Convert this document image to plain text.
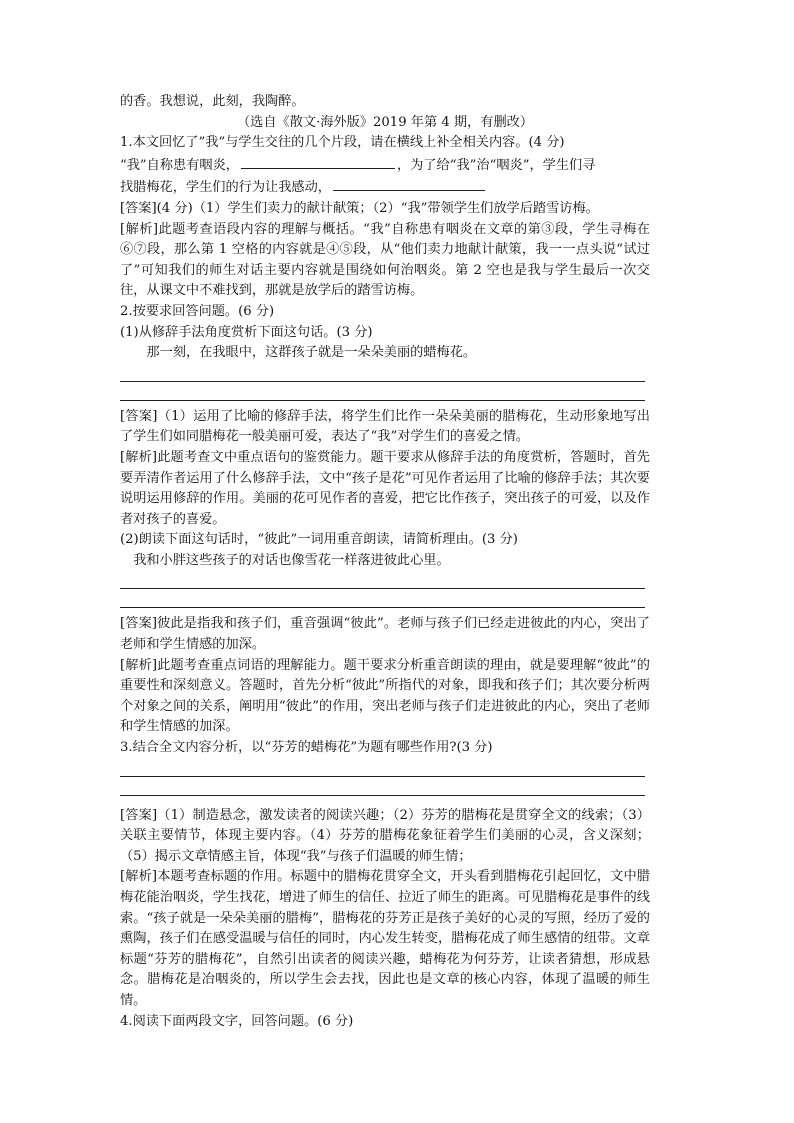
的香。我想说，此刻，我陶醉。

（选自《散文·海外版》2019 年第 4 期，有删改）

1.本文回忆了”我”与学生交往的几个片段，请在横线上补全相关内容。(4 分)

“我”自称患有咽炎，	，为了给“我”治“咽炎”，学生们寻

找腊梅花，学生们的行为让我感动，

[答案](4 分)（1）学生们卖力的献计献策；（2）“我”带领学生们放学后踏雪访梅。

[解析]此题考查语段内容的理解与概括。“我”自称患有咽炎在文章的第③段，学生寻梅在⑥⑦段，那么第 1 空格的内容就是④⑤段，从“他们卖力地献计献策，我一一点头说“试过了”可知我们的师生对话主要内容就是围绕如何治咽炎。第 2 空也是我与学生最后一次交往，从课文中不难找到，那就是放学后的踏雪访梅。

2.按要求回答问题。(6 分)

(1)从修辞手法角度赏析下面这句话。(3 分)

那一刻，在我眼中，这群孩子就是一朵朵美丽的蜡梅花。

[答案]（1）运用了比喻的修辞手法，将学生们比作一朵朵美丽的腊梅花，生动形象地写出了学生们如同腊梅花一般美丽可爱，表达了“我”对学生们的喜爱之情。

[解析]此题考查文中重点语句的鉴赏能力。题干要求从修辞手法的角度赏析，答题时，首先要弄清作者运用了什么修辞手法，文中“孩子是花”可见作者运用了比喻的修辞手法；其次要说明运用修辞的作用。美丽的花可见作者的喜爱，把它比作孩子，突出孩子的可爱，以及作者对孩子的喜爱。

(2)朗读下面这句话时，“彼此”一词用重音朗读，请简析理由。(3 分)

我和小胖这些孩子的对话也像雪花一样落进彼此心里。

[答案]彼此是指我和孩子们，重音强调“彼此”。老师与孩子们已经走进彼此的内心，突出了老师和学生情感的加深。

[解析]此题考查重点词语的理解能力。题干要求分析重音朗读的理由，就是要理解“彼此”的重要性和深刻意义。答题时，首先分析“彼此”所指代的对象，即我和孩子们；其次要分析两个对象之间的关系，阐明用“彼此”的作用，突出老师与孩子们走进彼此的内心，突出了老师和学生情感的加深。

3.结合全文内容分析，以“芬芳的蜡梅花”为题有哪些作用?(3 分)

[答案]（1）制造悬念，激发读者的阅读兴趣；（2）芬芳的腊梅花是贯穿全文的线索；（3）关联主要情节，体现主要内容。（4）芬芳的腊梅花象征着学生们美丽的心灵，含义深刻；（5）揭示文章情感主旨，体现“我”与孩子们温暖的师生情；

[解析]本题考查标题的作用。标题中的腊梅花贯穿全文，开头看到腊梅花引起回忆，文中腊梅花能治咽炎，学生找花，增进了师生的信任、拉近了师生的距离。可见腊梅花是事件的线索。“孩子就是一朵朵美丽的腊梅”，腊梅花的芬芳正是孩子美好的心灵的写照，经历了爱的熏陶，孩子们在感受温暖与信任的同时，内心发生转变，腊梅花成了师生感情的纽带。文章标题“芬芳的腊梅花”，自然引出读者的阅读兴趣，蜡梅花为何芬芳，让读者猜想，形成悬念。腊梅花是冶咽炎的，所以学生会去找，因此也是文章的核心内容，体现了温暖的师生情。

4.阅读下面两段文字，回答问题。(6 分)
